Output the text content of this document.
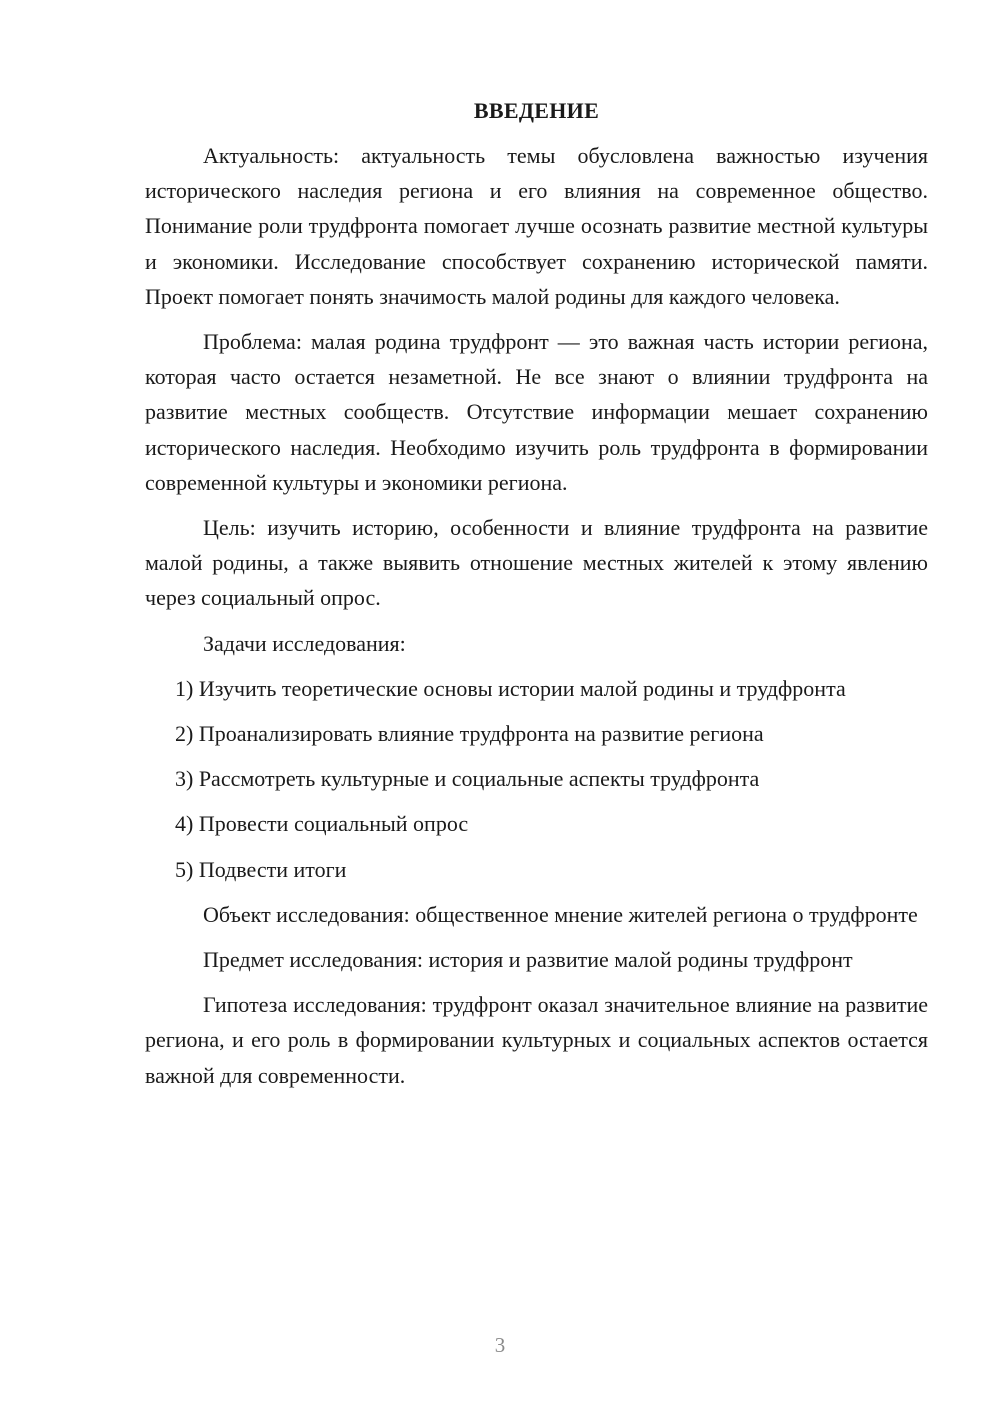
ВВЕДЕНИЕ

Актуальность: актуальность темы обусловлена важностью изучения исторического наследия региона и его влияния на современное общество. Понимание роли трудфронта помогает лучше осознать развитие местной культуры и экономики. Исследование способствует сохранению исторической памяти. Проект помогает понять значимость малой родины для каждого человека.

Проблема: малая родина трудфронт — это важная часть истории региона, которая часто остается незаметной. Не все знают о влиянии трудфронта на развитие местных сообществ. Отсутствие информации мешает сохранению исторического наследия. Необходимо изучить роль трудфронта в формировании современной культуры и экономики региона.

Цель: изучить историю, особенности и влияние трудфронта на развитие малой родины, а также выявить отношение местных жителей к этому явлению через социальный опрос.

Задачи исследования:

1) Изучить теоретические основы истории малой родины и трудфронта

2) Проанализировать влияние трудфронта на развитие региона

3) Рассмотреть культурные и социальные аспекты трудфронта

4) Провести социальный опрос

5) Подвести итоги

Объект исследования: общественное мнение жителей региона о трудфронте

Предмет исследования: история и развитие малой родины трудфронт

Гипотеза исследования: трудфронт оказал значительное влияние на развитие региона, и его роль в формировании культурных и социальных аспектов остается важной для современности.

3
